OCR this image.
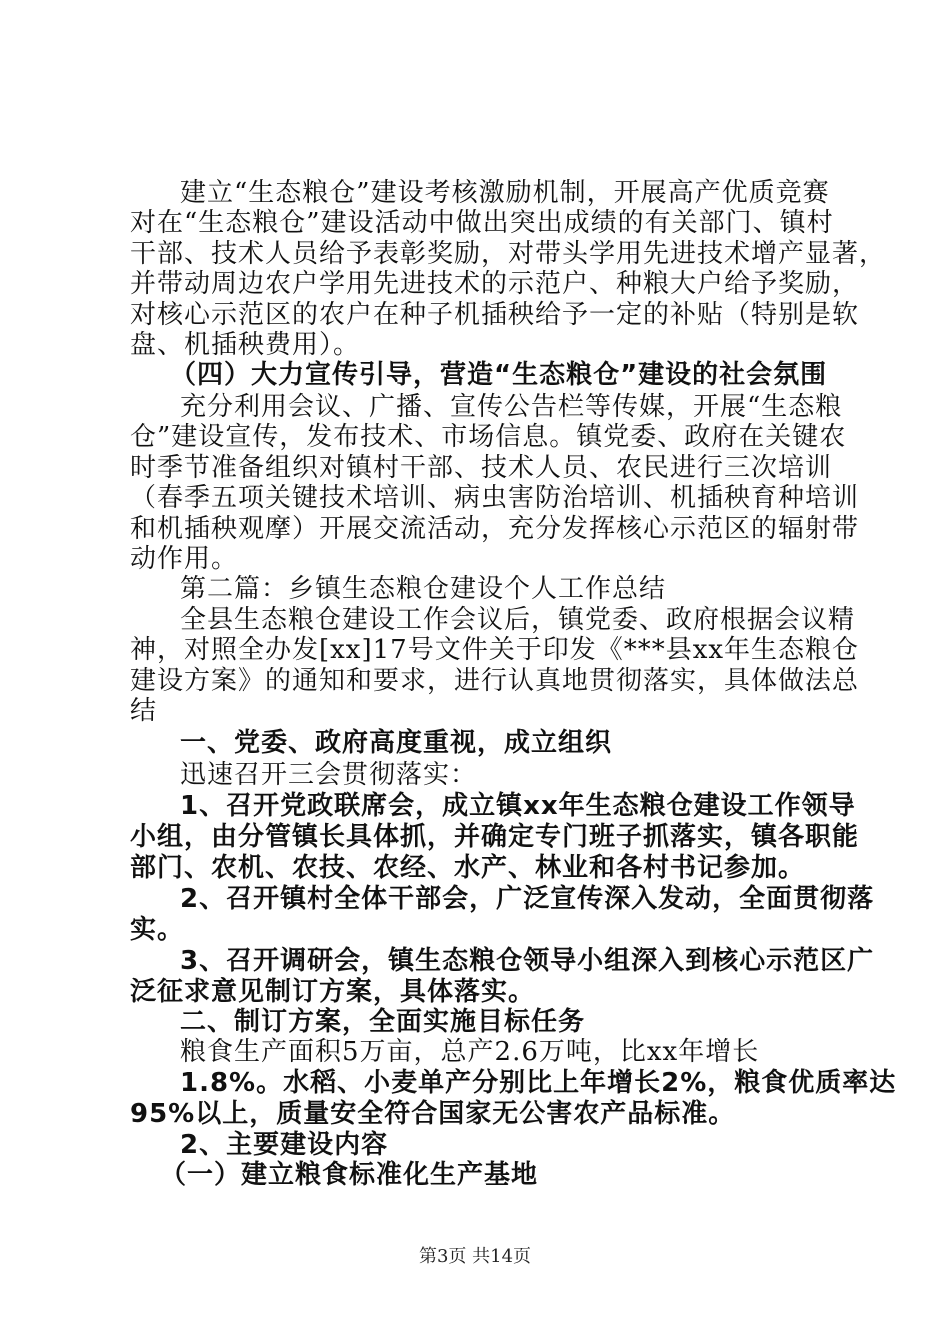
建立“生态粮仓”建设考核激励机制，开展高产优质竞赛
对在“生态粮仓”建设活动中做出突出成绩的有关部门、镇村
干部、技术人员给予表彰奖励，对带头学用先进技术增产显著，
并带动周边农户学用先进技术的示范户、种粮大户给予奖励，
对核心示范区的农户在种子机插秧给予一定的补贴（特别是软
盘、机插秧费用）。
（四）大力宣传引导，营造“生态粮仓”建设的社会氛围
充分利用会议、广播、宣传公告栏等传媒，开展“生态粮
仓”建设宣传，发布技术、市场信息。镇党委、政府在关键农
时季节准备组织对镇村干部、技术人员、农民进行三次培训
（春季五项关键技术培训、病虫害防治培训、机插秧育种培训
和机插秧观摩）开展交流活动，充分发挥核心示范区的辐射带
动作用。
第二篇：乡镇生态粮仓建设个人工作总结
全县生态粮仓建设工作会议后，镇党委、政府根据会议精
神，对照全办发[xx]17号文件关于印发《***县xx年生态粮仓
建设方案》的通知和要求，进行认真地贯彻落实，具体做法总
结
一、党委、政府高度重视，成立组织
迅速召开三会贯彻落实：
1、召开党政联席会，成立镇xx年生态粮仓建设工作领导
小组，由分管镇长具体抓，并确定专门班子抓落实，镇各职能
部门、农机、农技、农经、水产、林业和各村书记参加。
2、召开镇村全体干部会，广泛宣传深入发动，全面贯彻落
实。
3、召开调研会，镇生态粮仓领导小组深入到核心示范区广
泛征求意见制订方案，具体落实。
二、制订方案，全面实施目标任务
粮食生产面积5万亩，总产2.6万吨，比xx年增长
1.8%。水稻、小麦单产分别比上年增长2%，粮食优质率达
95%以上，质量安全符合国家无公害农产品标准。
2、主要建设内容
（一）建立粮食标准化生产基地
第3页 共14页
